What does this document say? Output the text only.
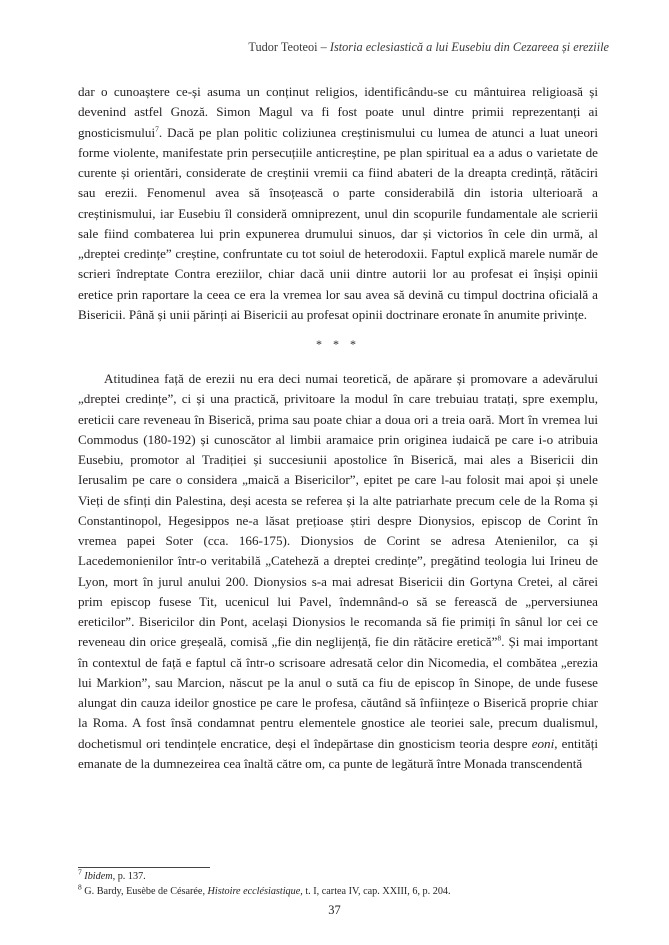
Tudor Teoteoi – Istoria eclesiastică a lui Eusebiu din Cezareea și ereziile

dar o cunoaștere ce-și asuma un conținut religios, identificându-se cu mântuirea religioasă și devenind astfel Gnoză. Simon Magul va fi fost poate unul dintre primii reprezentanți ai gnosticismului$^7$. Dacă pe plan politic coliziunea creștinismului cu lumea de atunci a luat uneori forme violente, manifestate prin persecuțiile anticreștine, pe plan spiritual ea a adus o varietate de curente și orientări, considerate de creștinii vremii ca fiind abateri de la dreapta credință, rătăciri sau erezii. Fenomenul avea să însoțească o parte considerabilă din istoria ulterioară a creștinismului, iar Eusebiu îl consideră omniprezent, unul din scopurile fundamentale ale scrierii sale fiind combaterea lui prin expunerea drumului sinuos, dar și victorios în cele din urmă, al „dreptei credințe” creștine, confruntate cu tot soiul de heterodoxii. Faptul explică marele număr de scrieri îndreptate Contra ereziilor, chiar dacă unii dintre autorii lor au profesat ei înșiși opinii eretice prin raportare la ceea ce era la vremea lor sau avea să devină cu timpul doctrina oficială a Bisericii. Până și unii părinți ai Bisericii au profesat opinii doctrinare eronate în anumite privințe.

* * *

Atitudinea față de erezii nu era deci numai teoretică, de apărare și promovare a adevărului „dreptei credințe”, ci și una practică, privitoare la modul în care trebuiau tratați, spre exemplu, ereticii care reveneau în Biserică, prima sau poate chiar a doua ori a treia oară. Mort în vremea lui Commodus (180-192) și cunoscător al limbii aramaice prin originea iudaică pe care i-o atribuia Eusebiu, promotor al Tradiției și succesiunii apostolice în Biserică, mai ales a Bisericii din Ierusalim pe care o considera „maică a Bisericilor”, epitet pe care l-au folosit mai apoi și unele Vieți de sfinți din Palestina, deși acesta se referea și la alte patriarhate precum cele de la Roma și Constantinopol, Hegesippos ne-a lăsat prețioase știri despre Dionysios, episcop de Corint în vremea papei Soter (cca. 166-175). Dionysios de Corint se adresa Atenienilor, ca și Lacedemonienilor într-o veritabilă „Cateheză a dreptei credințe”, pregătind teologia lui Irineu de Lyon, mort în jurul anului 200. Dionysios s-a mai adresat Bisericii din Gortyna Cretei, al cărei prim episcop fusese Tit, ucenicul lui Pavel, îndemnând-o să se ferească de „perversiunea ereticilor”. Bisericilor din Pont, același Dionysios le recomanda să fie primiți în sânul lor cei ce reveneau din orice greșeală, comisă „fie din neglijență, fie din rătăcire eretică”$^8$. Și mai important în contextul de față e faptul că într-o scrisoare adresată celor din Nicomedia, el combătea „erezia lui Markion”, sau Marcion, născut pe la anul o sută ca fiu de episcop în Sinope, de unde fusese alungat din cauza ideilor gnostice pe care le profesa, căutând să înființeze o Biserică proprie chiar la Roma. A fost însă condamnat pentru elementele gnostice ale teoriei sale, precum dualismul, dochetismul ori tendințele encratice, deși el îndepărtase din gnosticism teoria despre eoni, entități emanate de la dumnezeirea cea înaltă către om, ca punte de legătură între Monada transcendentă

$^7$ Ibidem, p. 137.

$^8$ G. Bardy, Eusèbe de Césarée, Histoire ecclésiastique, t. I, cartea IV, cap. XXIII, 6, p. 204.

37
